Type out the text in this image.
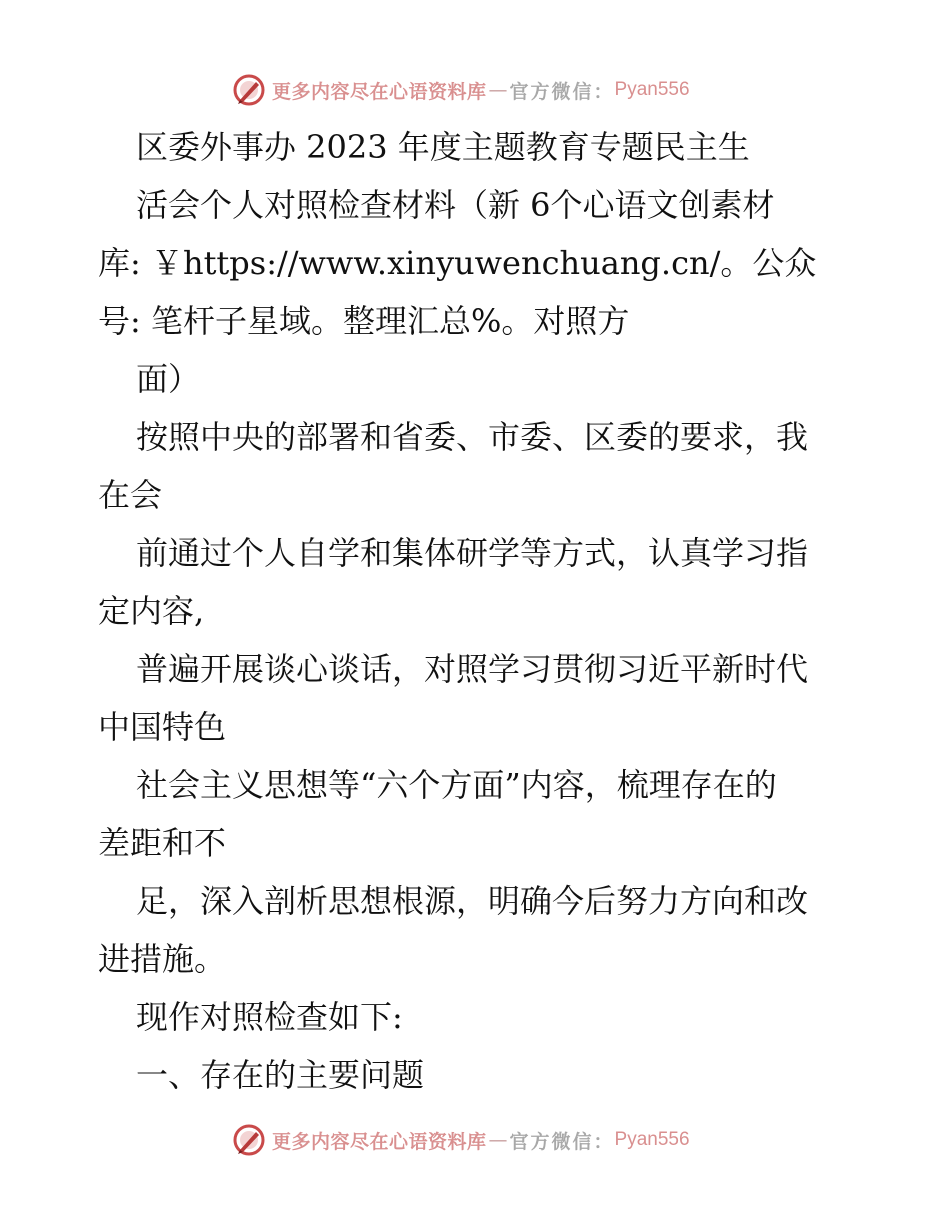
更多内容尽在心语资料库 — 官方微信： Pyan556
区委外事办 2023 年度主题教育专题民主生
活会个人对照检查材料（新 6个心语文创素材
库: ￥https://www.xinyuwenchuang.cn/。公众
号: 笔杆子星域。整理汇总%。对照方
面）
按照中央的部署和省委、市委、区委的要求，我
在会
前通过个人自学和集体研学等方式，认真学习指
定内容,
普遍开展谈心谈话，对照学习贯彻习近平新时代
中国特色
社会主义思想等“六个方面”内容，梳理存在的
差距和不
足，深入剖析思想根源，明确今后努力方向和改
进措施。
现作对照检查如下:
一、存在的主要问题
更多内容尽在心语资料库 — 官方微信： Pyan556
